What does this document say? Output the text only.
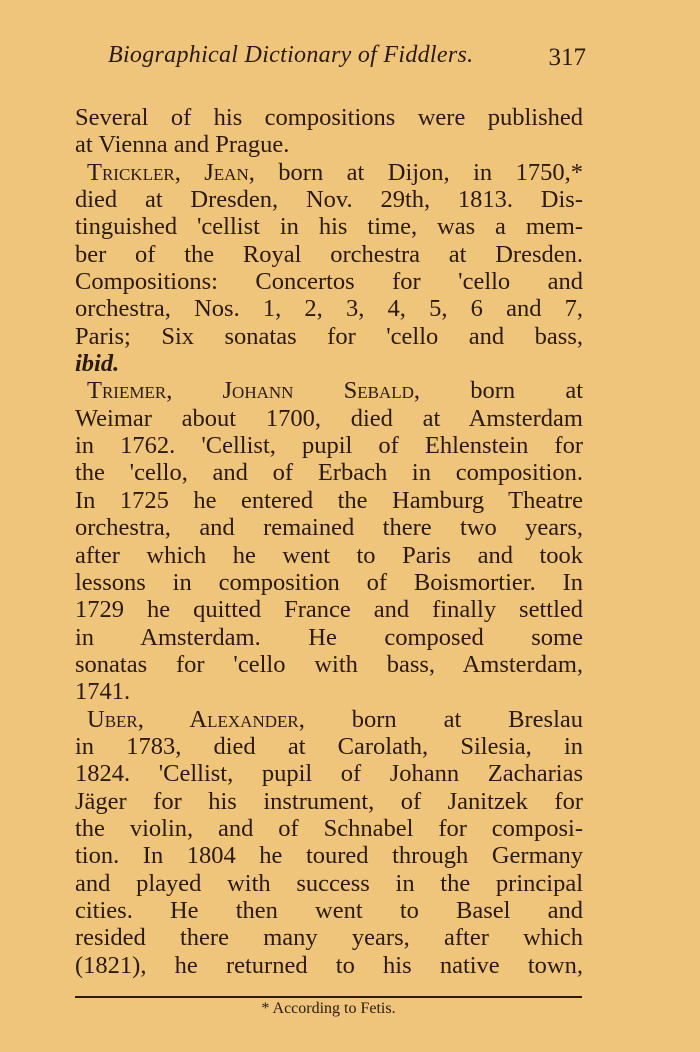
Biographical Dictionary of Fiddlers.	317
Several of his compositions were published
at Vienna and Prague.
Trickler, Jean, born at Dijon, in 1750,*
died at Dresden, Nov. 29th, 1813. Dis-
tinguished 'cellist in his time, was a mem-
ber of the Royal orchestra at Dresden.
Compositions: Concertos for 'cello and
orchestra, Nos. 1, 2, 3, 4, 5, 6 and 7,
Paris; Six sonatas for 'cello and bass,
ibid.
Triemer, Johann Sebald, born at
Weimar about 1700, died at Amsterdam
in 1762. 'Cellist, pupil of Ehlenstein for
the 'cello, and of Erbach in composition.
In 1725 he entered the Hamburg Theatre
orchestra, and remained there two years,
after which he went to Paris and took
lessons in composition of Boismortier. In
1729 he quitted France and finally settled
in Amsterdam. He composed some
sonatas for 'cello with bass, Amsterdam,
1741.
Uber, Alexander, born at Breslau
in 1783, died at Carolath, Silesia, in
1824. 'Cellist, pupil of Johann Zacharias
Jäger for his instrument, of Janitzek for
the violin, and of Schnabel for composi-
tion. In 1804 he toured through Germany
and played with success in the principal
cities. He then went to Basel and
resided there many years, after which
(1821), he returned to his native town,
* According to Fetis.
